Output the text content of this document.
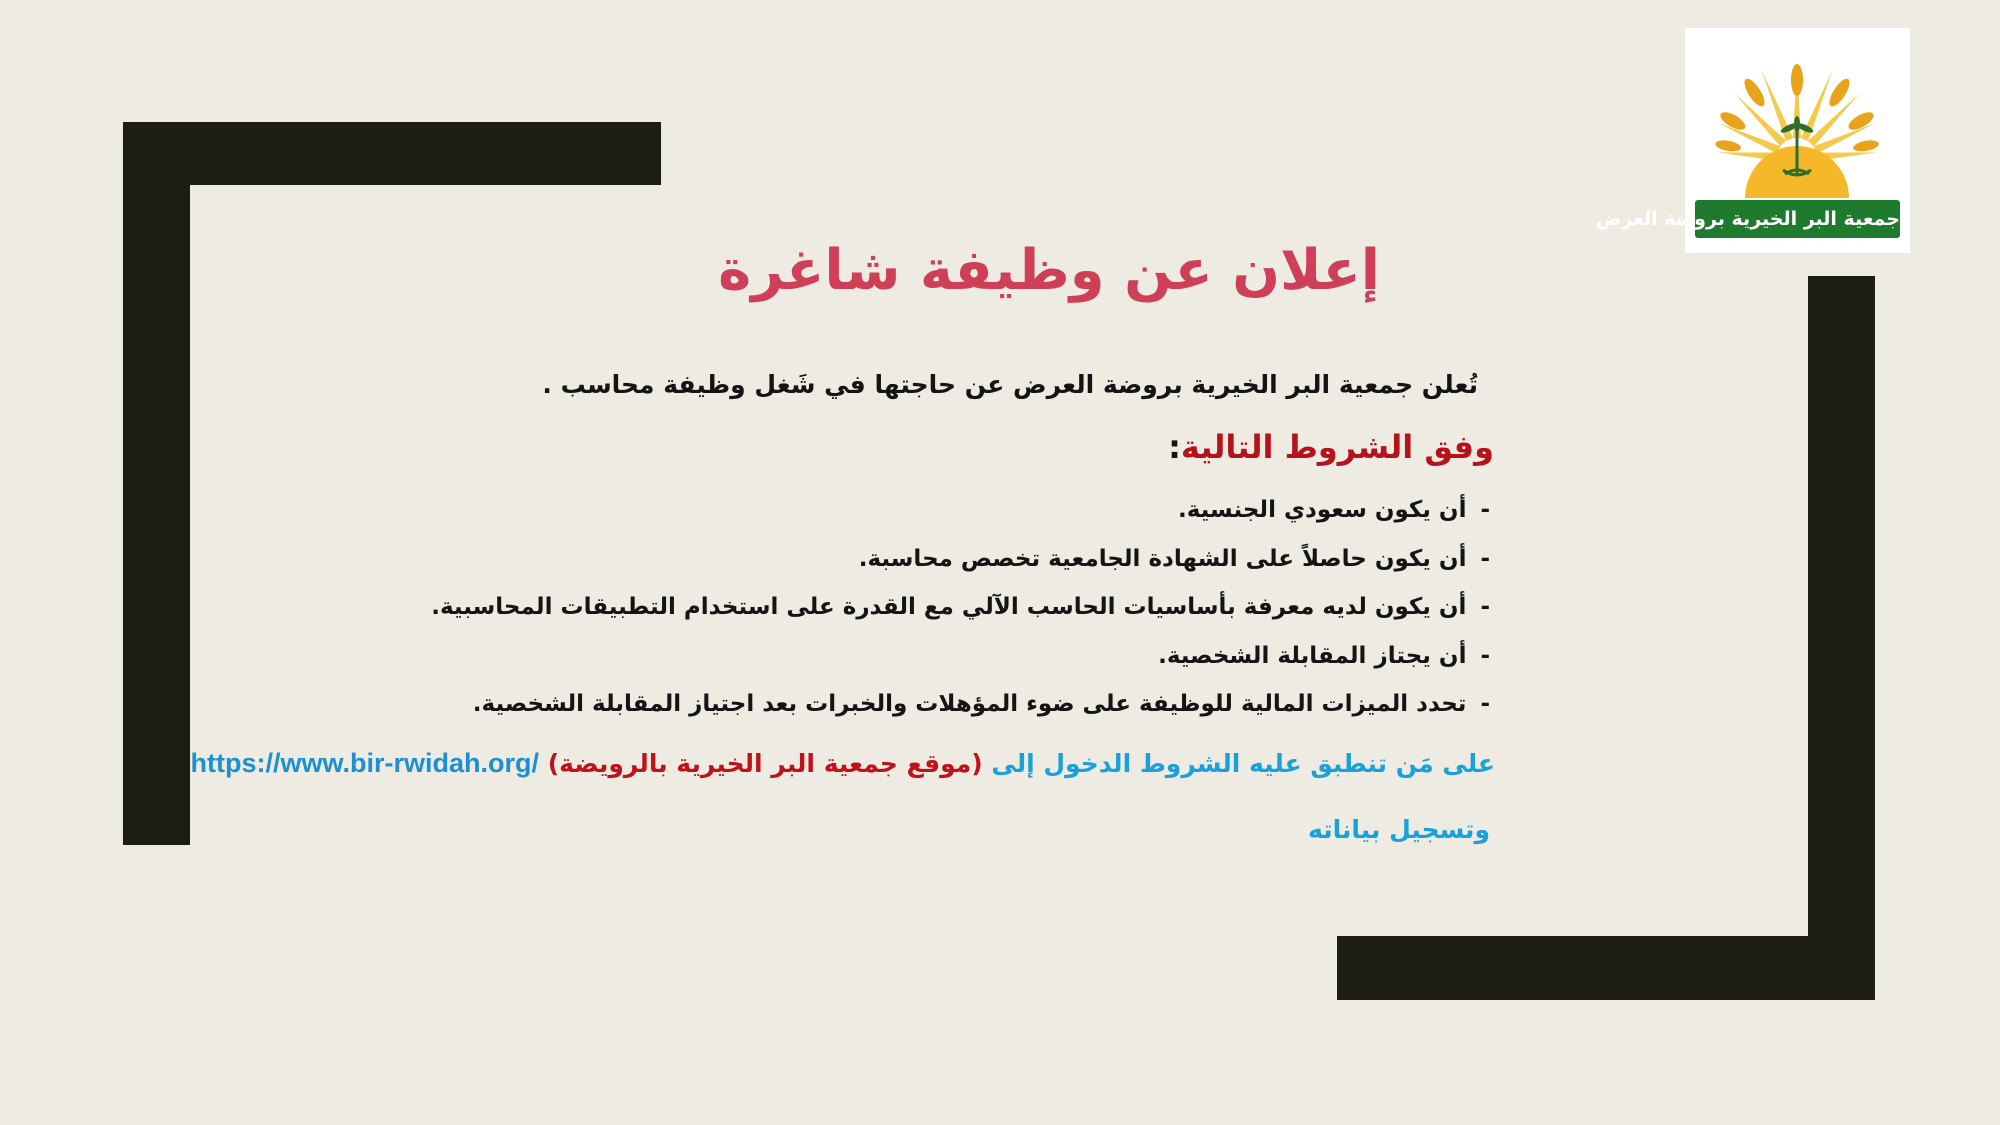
جمعية البر الخيرية بروضة العرض
إعلان عن وظيفة شاغرة
تُعلن جمعية البر الخيرية بروضة العرض عن حاجتها في شَغل وظيفة محاسب .
وفق الشروط التالية:
-أن يكون سعودي الجنسية.
-أن يكون حاصلاً على الشهادة الجامعية تخصص محاسبة.
-أن يكون لديه معرفة بأساسيات الحاسب الآلي مع القدرة على استخدام التطبيقات المحاسبية.
-أن يجتاز المقابلة الشخصية.
-تحدد الميزات المالية للوظيفة على ضوء المؤهلات والخبرات بعد اجتياز المقابلة الشخصية.
على مَن تنطبق عليه الشروط الدخول إلى (موقع جمعية البر الخيرية بالرويضة) https://www.bir-rwidah.org/
وتسجيل بياناته
